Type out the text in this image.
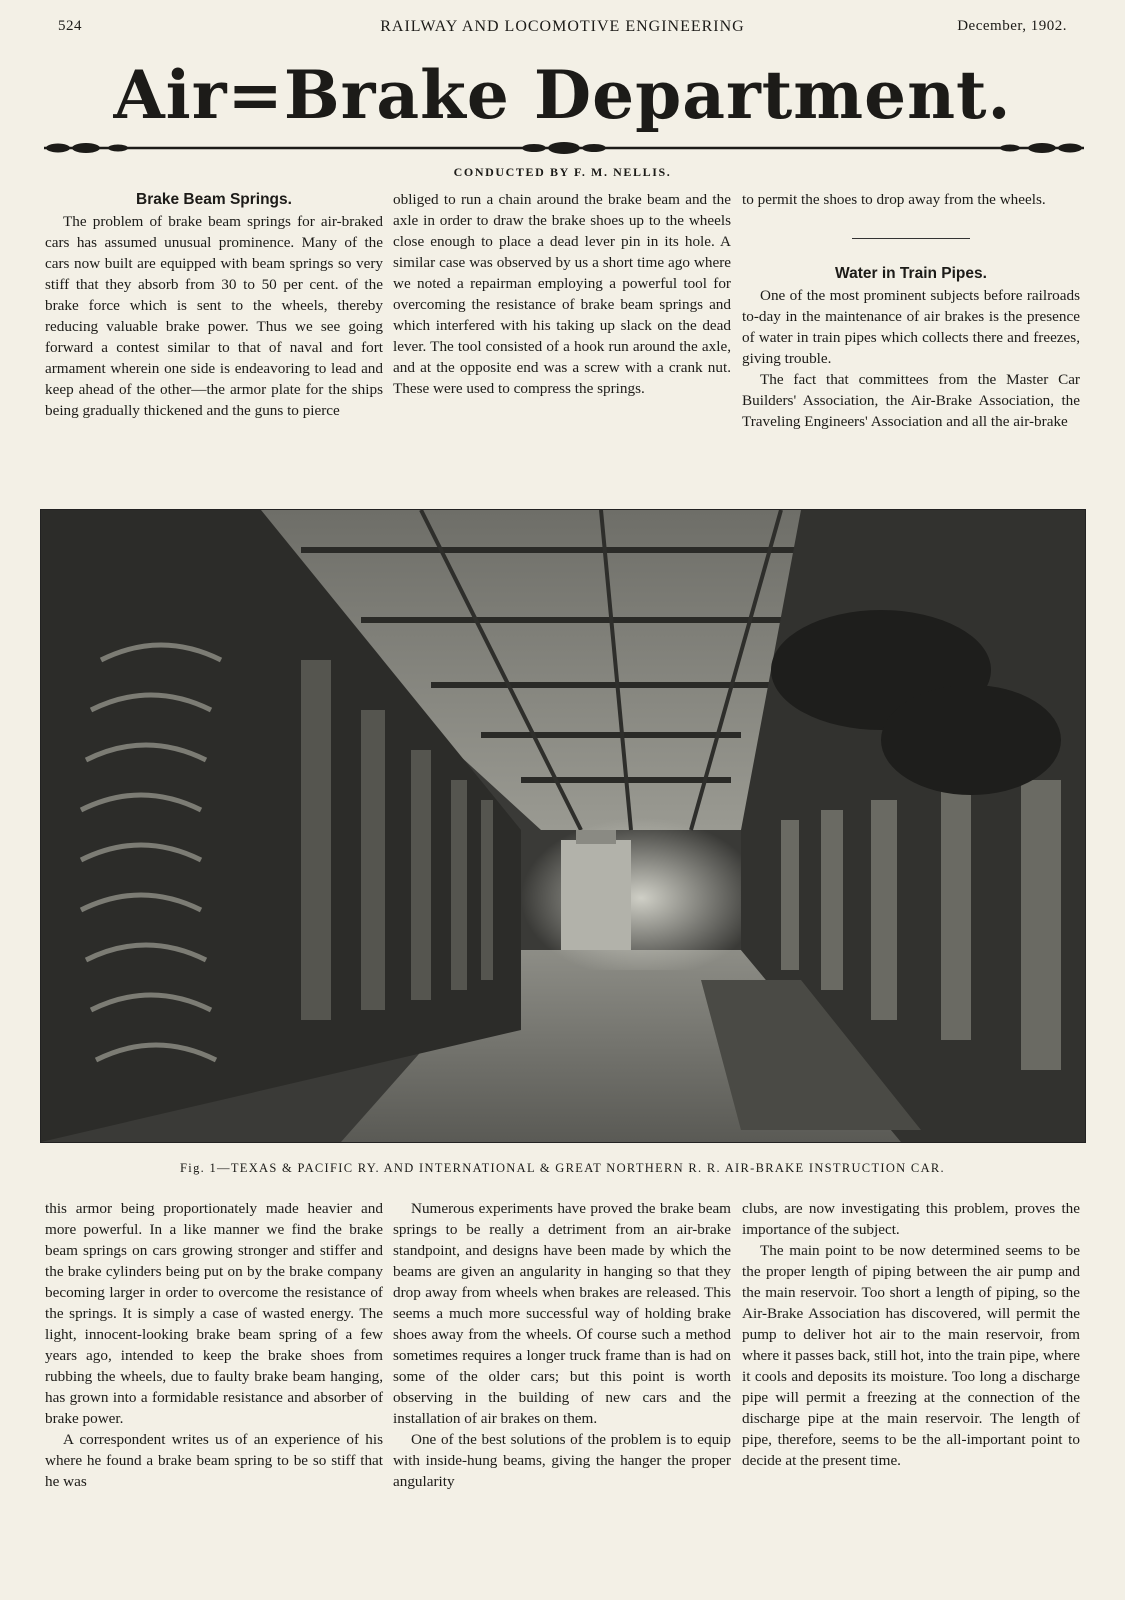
524	RAILWAY AND LOCOMOTIVE ENGINEERING	December, 1902.
Air=Brake Department.
CONDUCTED BY F. M. NELLIS.
Brake Beam Springs.

The problem of brake beam springs for air-braked cars has assumed unusual prominence. Many of the cars now built are equipped with beam springs so very stiff that they absorb from 30 to 50 per cent. of the brake force which is sent to the wheels, thereby reducing valuable brake power. Thus we see going forward a contest similar to that of naval and fort armament wherein one side is endeavoring to lead and keep ahead of the other—the armor plate for the ships being gradually thickened and the guns to pierce

obliged to run a chain around the brake beam and the axle in order to draw the brake shoes up to the wheels close enough to place a dead lever pin in its hole. A similar case was observed by us a short time ago where we noted a repairman employing a powerful tool for overcoming the resistance of brake beam springs and which interfered with his taking up slack on the dead lever. The tool consisted of a hook run around the axle, and at the opposite end was a screw with a crank nut. These were used to compress the springs.

to permit the shoes to drop away from the wheels.

Water in Train Pipes.

One of the most prominent subjects before railroads to-day in the maintenance of air brakes is the presence of water in train pipes which collects there and freezes, giving trouble.

The fact that committees from the Master Car Builders' Association, the Air-Brake Association, the Traveling Engineers' Association and all the air-brake

Fig. 1—TEXAS & PACIFIC RY. AND INTERNATIONAL & GREAT NORTHERN R. R. AIR-BRAKE INSTRUCTION CAR.

this armor being proportionately made heavier and more powerful. In a like manner we find the brake beam springs on cars growing stronger and stiffer and the brake cylinders being put on by the brake company becoming larger in order to overcome the resistance of the springs. It is simply a case of wasted energy. The light, innocent-looking brake beam spring of a few years ago, intended to keep the brake shoes from rubbing the wheels, due to faulty brake beam hanging, has grown into a formidable resistance and absorber of brake power.

A correspondent writes us of an experience of his where he found a brake beam spring to be so stiff that he was

Numerous experiments have proved the brake beam springs to be really a detriment from an air-brake standpoint, and designs have been made by which the beams are given an angularity in hanging so that they drop away from wheels when brakes are released. This seems a much more successful way of holding brake shoes away from the wheels. Of course such a method sometimes requires a longer truck frame than is had on some of the older cars; but this point is worth observing in the building of new cars and the installation of air brakes on them.

One of the best solutions of the problem is to equip with inside-hung beams, giving the hanger the proper angularity

clubs, are now investigating this problem, proves the importance of the subject.

The main point to be now determined seems to be the proper length of piping between the air pump and the main reservoir. Too short a length of piping, so the Air-Brake Association has discovered, will permit the pump to deliver hot air to the main reservoir, from where it passes back, still hot, into the train pipe, where it cools and deposits its moisture. Too long a discharge pipe will permit a freezing at the connection of the discharge pipe at the main reservoir. The length of pipe, therefore, seems to be the all-important point to decide at the present time.
